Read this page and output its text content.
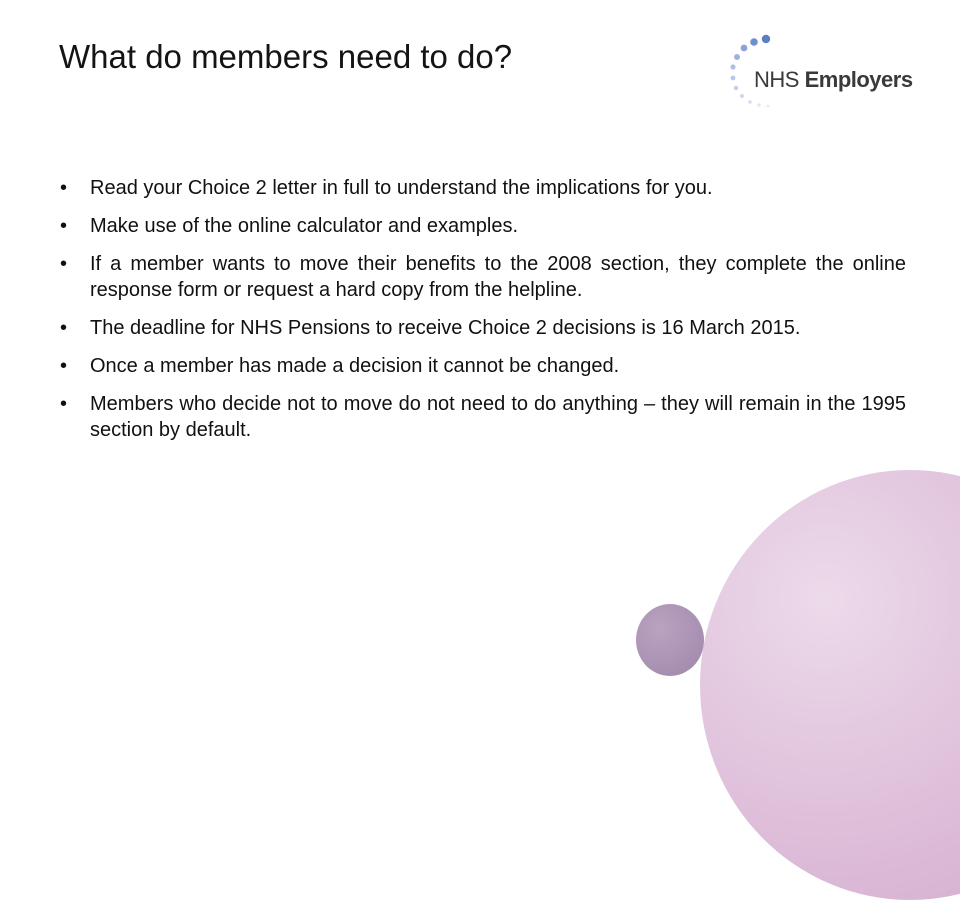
What do members need to do?
NHS Employers
• Read your Choice 2 letter in full to understand the implications for you.
• Make use of the online calculator and examples.
• If a member wants to move their benefits to the 2008 section, they complete the online response form or request a hard copy from the helpline.
• The deadline for NHS Pensions to receive Choice 2 decisions is 16 March 2015.
• Once a member has made a decision it cannot be changed.
• Members who decide not to move do not need to do anything – they will remain in the 1995 section by default.
